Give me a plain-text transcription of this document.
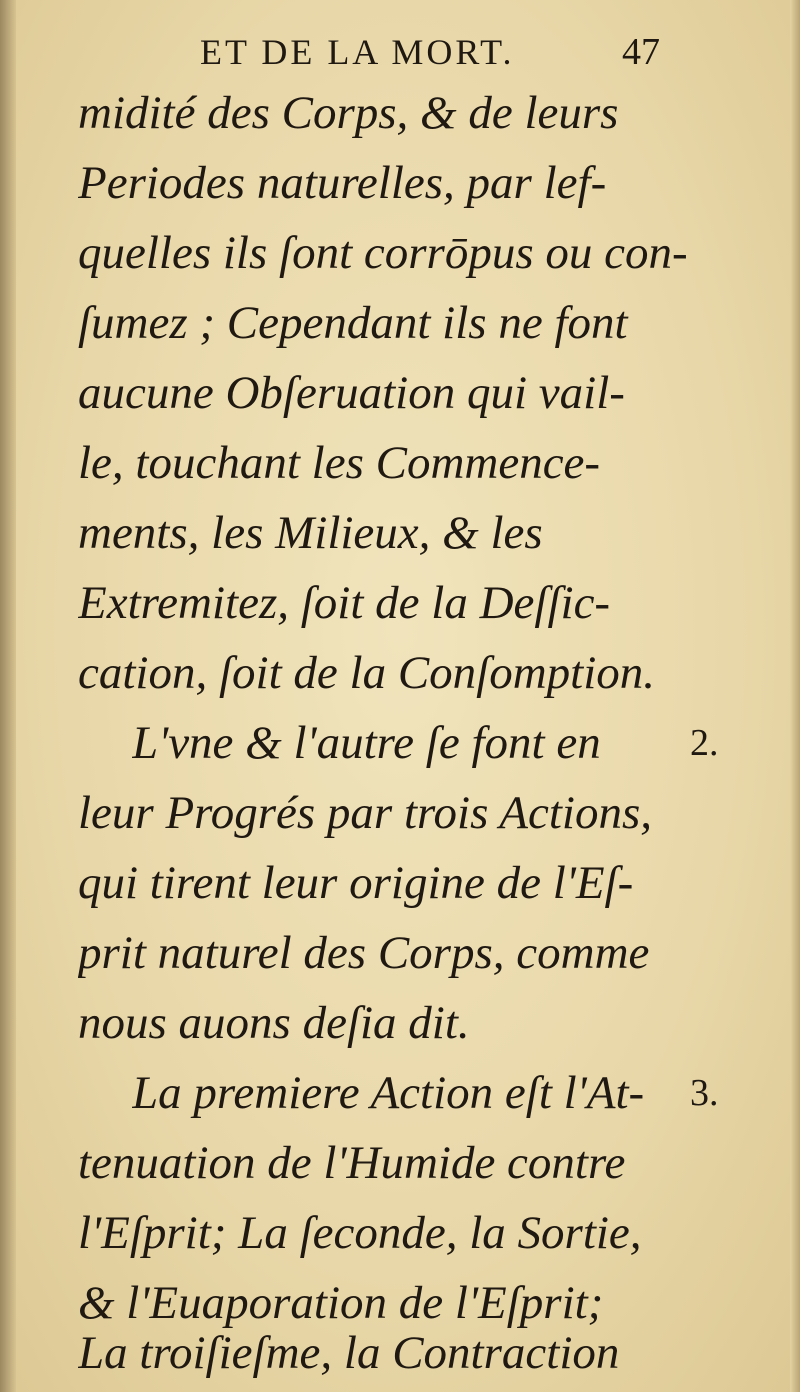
ET DE LA MORT.	47
midité des Corps, & de leurs
Periodes naturelles, par lef-
quelles ils ſont corrōpus ou con-
ſumez ; Cependant ils ne font
aucune Obſeruation qui vail-
le, touchant les Commence-
ments, les Milieux, & les
Extremitez, ſoit de la Deſſic-
cation, ſoit de la Conſomption.
L'vne & l'autre ſe font en	2.
leur Progrés par trois Actions,
qui tirent leur origine de l'Eſ-
prit naturel des Corps, comme
nous auons deſia dit.
La premiere Action eſt l'At-	3.
tenuation de l'Humide contre
l'Eſprit; La ſeconde, la Sortie,
& l'Euaporation de l'Eſprit;
La troiſieſme, la Contraction
